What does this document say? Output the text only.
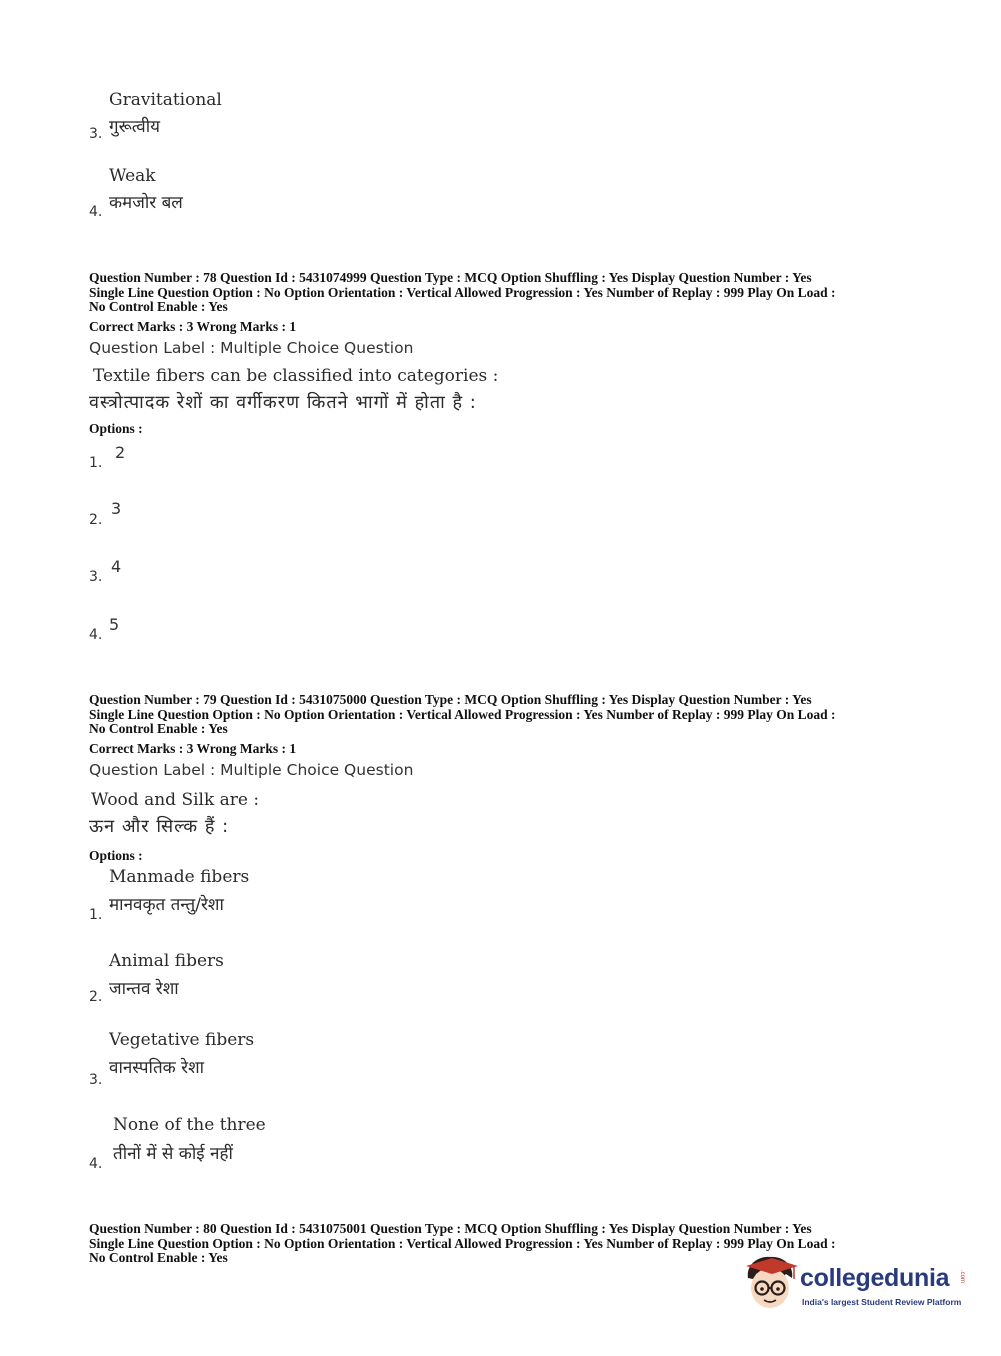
Gravitational
3. गुरूत्वीय
Weak
4. कमजोर बल
Question Number : 78 Question Id : 5431074999 Question Type : MCQ Option Shuffling : Yes Display Question Number : Yes
Single Line Question Option : No Option Orientation : Vertical Allowed Progression : Yes Number of Replay : 999 Play On Load :
No Control Enable : Yes
Correct Marks : 3 Wrong Marks : 1
Question Label : Multiple Choice Question
Textile fibers can be classified into categories :
वस्त्रोत्पादक रेशों का वर्गीकरण कितने भागों में होता है :
Options :
1.
2
2.
3
3.
4
4.
5
Question Number : 79 Question Id : 5431075000 Question Type : MCQ Option Shuffling : Yes Display Question Number : Yes
Single Line Question Option : No Option Orientation : Vertical Allowed Progression : Yes Number of Replay : 999 Play On Load :
No Control Enable : Yes
Correct Marks : 3 Wrong Marks : 1
Question Label : Multiple Choice Question
Wood and Silk are :
ऊन और सिल्क हैं :
Options :
Manmade fibers
1. मानवकृत तन्तु/रेशा
Animal fibers
2. जान्तव रेशा
Vegetative fibers
3.
वानस्पतिक रेशा
None of the three
4. तीनों में से कोई नहीं
Question Number : 80 Question Id : 5431075001 Question Type : MCQ Option Shuffling : Yes Display Question Number : Yes
Single Line Question Option : No Option Orientation : Vertical Allowed Progression : Yes Number of Replay : 999 Play On Load :
No Control Enable : Yes
collegedunia .com
India's largest Student Review Platform
